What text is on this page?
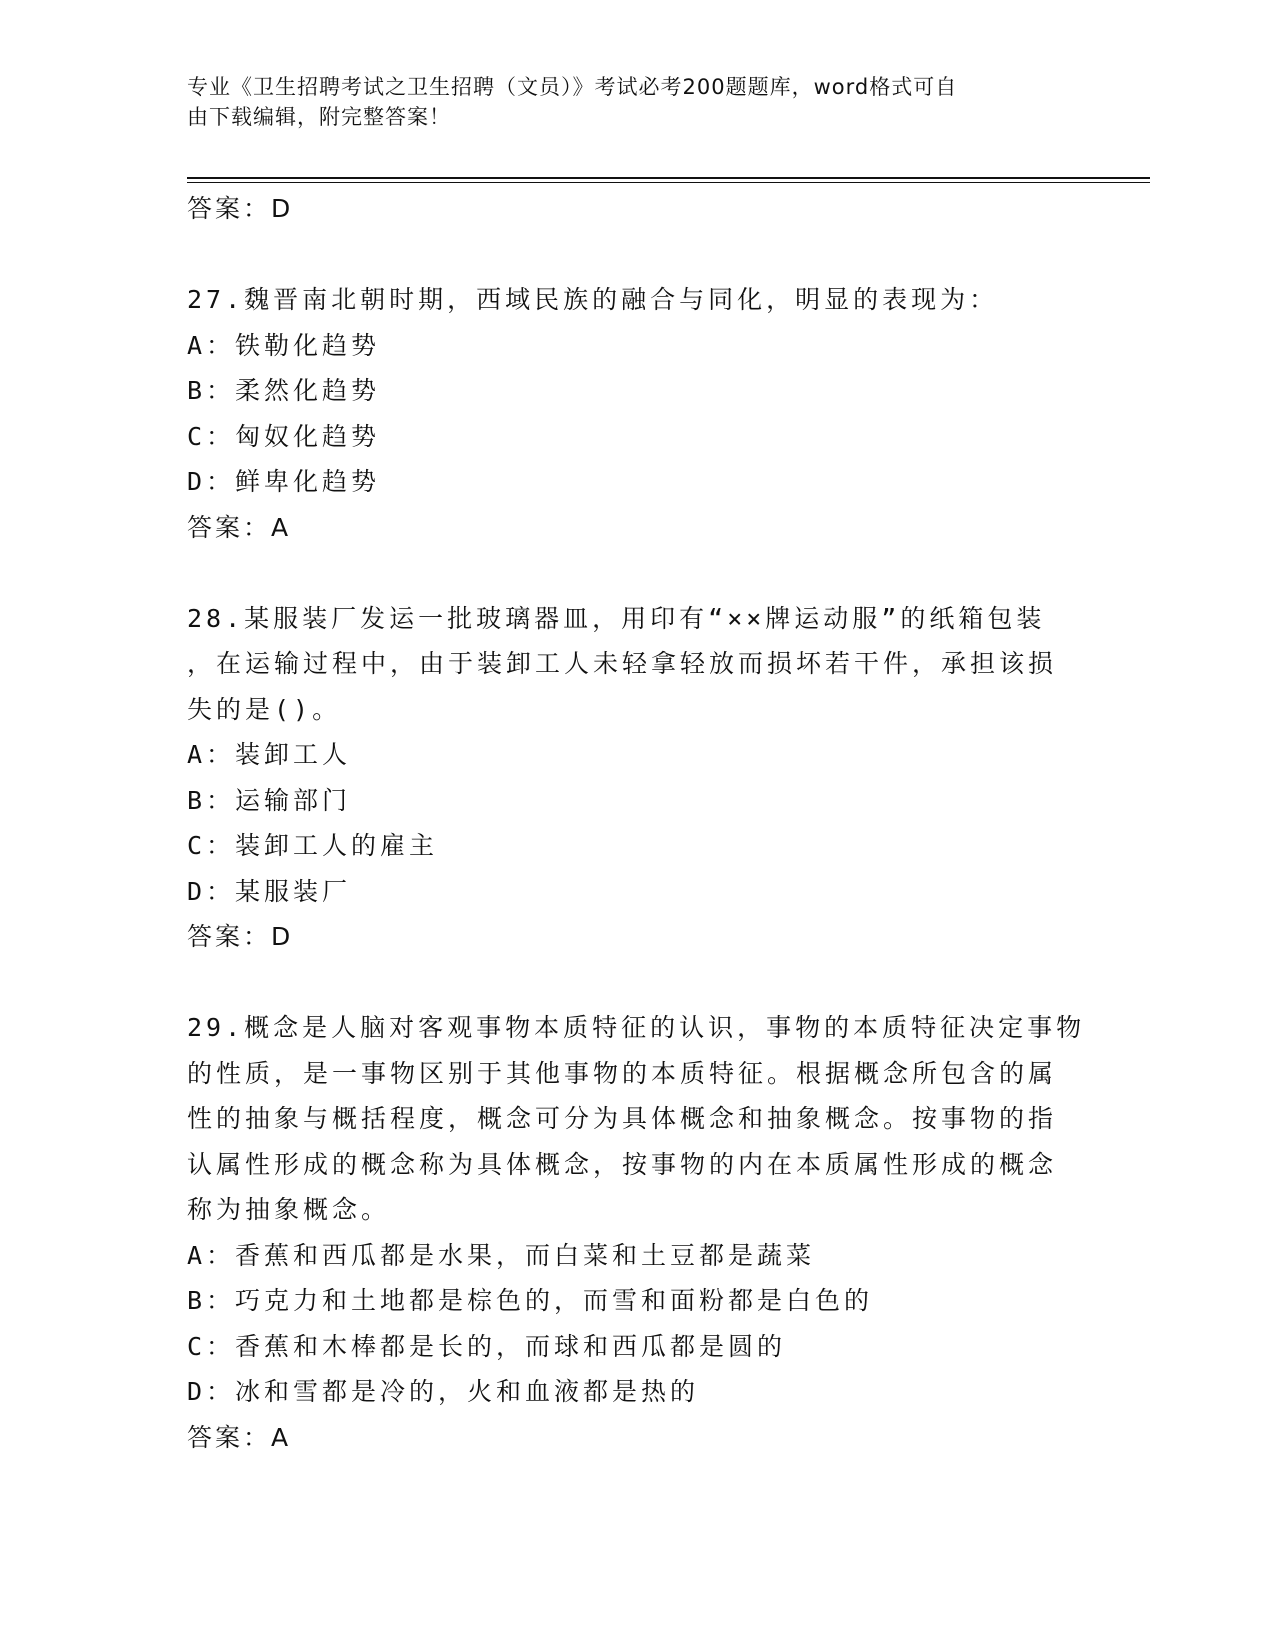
专业《卫生招聘考试之卫生招聘（文员）》考试必考200题题库，word格式可自
由下载编辑，附完整答案！
答案：D
27.魏晋南北朝时期，西域民族的融合与同化，明显的表现为：
A：铁勒化趋势
B：柔然化趋势
C：匈奴化趋势
D：鲜卑化趋势
答案：A
28.某服装厂发运一批玻璃器皿，用印有“××牌运动服”的纸箱包装
，在运输过程中，由于装卸工人未轻拿轻放而损坏若干件，承担该损
失的是()。
A：装卸工人
B：运输部门
C：装卸工人的雇主
D：某服装厂
答案：D
29.概念是人脑对客观事物本质特征的认识，事物的本质特征决定事物
的性质，是一事物区别于其他事物的本质特征。根据概念所包含的属
性的抽象与概括程度，概念可分为具体概念和抽象概念。按事物的指
认属性形成的概念称为具体概念，按事物的内在本质属性形成的概念
称为抽象概念。
A：香蕉和西瓜都是水果，而白菜和土豆都是蔬菜
B：巧克力和土地都是棕色的，而雪和面粉都是白色的
C：香蕉和木棒都是长的，而球和西瓜都是圆的
D：冰和雪都是冷的，火和血液都是热的
答案：A
